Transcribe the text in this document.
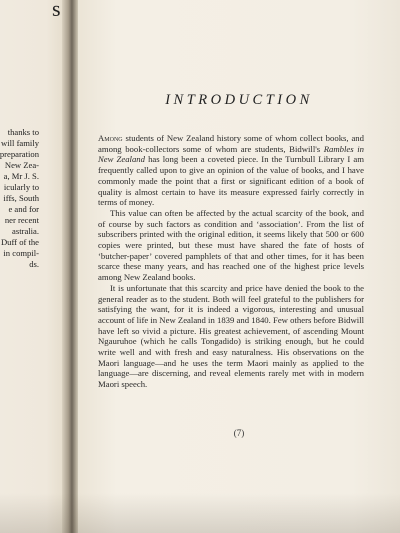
s
thanks to
will family
preparation
New Zea-
a, Mr J. S.
icularly to
iffs, South
e and for
ner recent
astralia.
Duff of the
in compil-
ds.
INTRODUCTION

Among students of New Zealand history some of whom collect books, and among book-collectors some of whom are students, Bidwill's Rambles in New Zealand has long been a coveted piece. In the Turnbull Library I am frequently called upon to give an opinion of the value of books, and I have commonly made the point that a first or significant edition of a book of quality is almost certain to have its measure expressed fairly correctly in terms of money.

This value can often be affected by the actual scarcity of the book, and of course by such factors as condition and ‘association’. From the list of subscribers printed with the original edition, it seems likely that 500 or 600 copies were printed, but these must have shared the fate of hosts of ‘butcher-paper’ covered pamphlets of that and other times, for it has been scarce these many years, and has reached one of the highest price levels among New Zealand books.

It is unfortunate that this scarcity and price have denied the book to the general reader as to the student. Both will feel grateful to the publishers for satisfying the want, for it is indeed a vigorous, interesting and unusual account of life in New Zealand in 1839 and 1840. Few others before Bidwill have left so vivid a picture. His greatest achievement, of ascending Mount Ngauruhoe (which he calls Tongadido) is striking enough, but he could write well and with fresh and easy naturalness. His observations on the Maori language—and he uses the term Maori mainly as applied to the language—are discerning, and reveal elements rarely met with in modern Maori speech.

(7)
